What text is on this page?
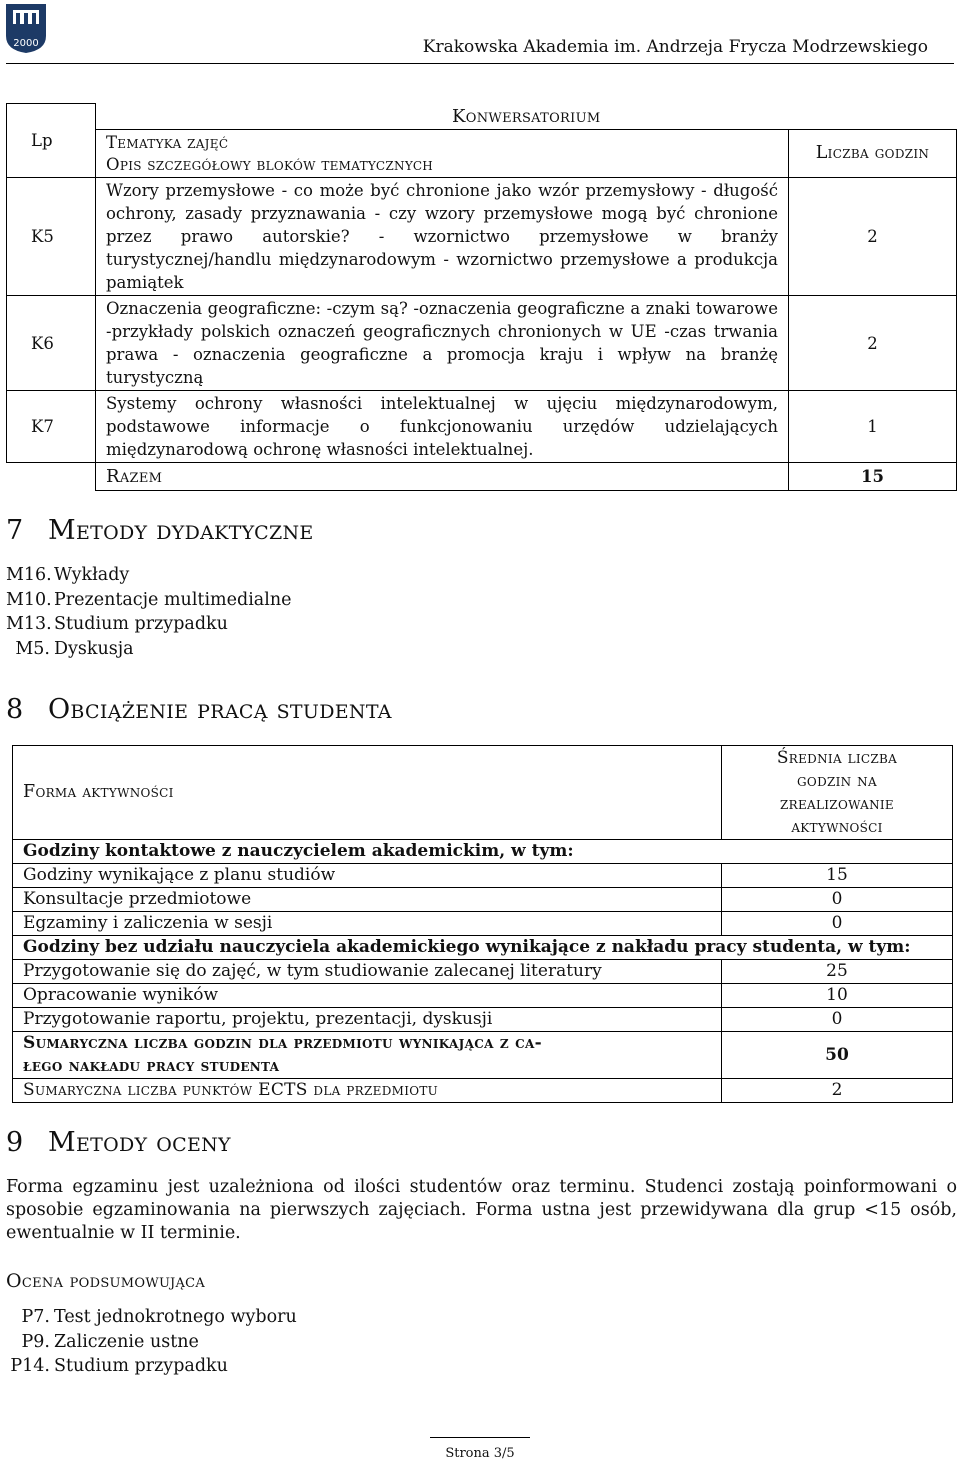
2000	Krakowska Akademia im. Andrzeja Frycza Modrzewskiego
Lp	Konwersatorium	

	Tematyka zajęć
Opis szczegółowy bloków tematycznych	Liczba godzin

K5	Wzory przemysłowe - co może być chronione jako wzór przemysłowy - długość ochrony, zasady przyznawania - czy wzory przemysłowe mogą być chronione przez prawo autorskie? - wzornictwo przemysłowe w branży turystycznej/handlu międzynarodowym - wzornictwo przemysłowe a produkcja pamiątek	2
K6	Oznaczenia geograficzne: -czym są? -oznaczenia geograficzne a znaki towarowe -przykłady polskich oznaczeń geograficznych chronionych w UE -czas trwania prawa - oznaczenia geograficzne a promocja kraju i wpływ na branżę turystyczną	2
K7	Systemy ochrony własności intelektualnej w ujęciu międzynarodowym, podstawowe informacje o funkcjonowaniu urzędów udzielających międzynarodową ochronę własności intelektualnej.	1
	Razem	15
7 Metody dydaktyczne
M16. Wykłady
M10. Prezentacje multimedialne
M13. Studium przypadku
M5. Dyskusja
8 Obciążenie pracą studenta
Forma aktywności	Średnia liczba
godzin na
zrealizowanie
aktywności

Godziny kontaktowe z nauczycielem akademickim, w tym:	
Godziny wynikające z planu studiów	15
Konsultacje przedmiotowe	0
Egzaminy i zaliczenia w sesji	0
Godziny bez udziału nauczyciela akademickiego wynikające z nakładu pracy studenta, w tym:	
Przygotowanie się do zajęć, w tym studiowanie zalecanej literatury	25
Opracowanie wyników	10
Przygotowanie raportu, projektu, prezentacji, dyskusji	0

Sumaryczna liczba godzin dla przedmiotu wynikająca z ca-
łego nakładu pracy studenta	50
Sumaryczna liczba punktów ECTS dla przedmiotu	2
9 Metody oceny
Forma egzaminu jest uzależniona od ilości studentów oraz terminu. Studenci zostają poinformowani o sposobie egzaminowania na pierwszych zajęciach. Forma ustna jest przewidywana dla grup <15 osób, ewentualnie w II terminie.
Ocena podsumowująca
P7. Test jednokrotnego wyboru
P9. Zaliczenie ustne
P14. Studium przypadku
Strona 3/5
